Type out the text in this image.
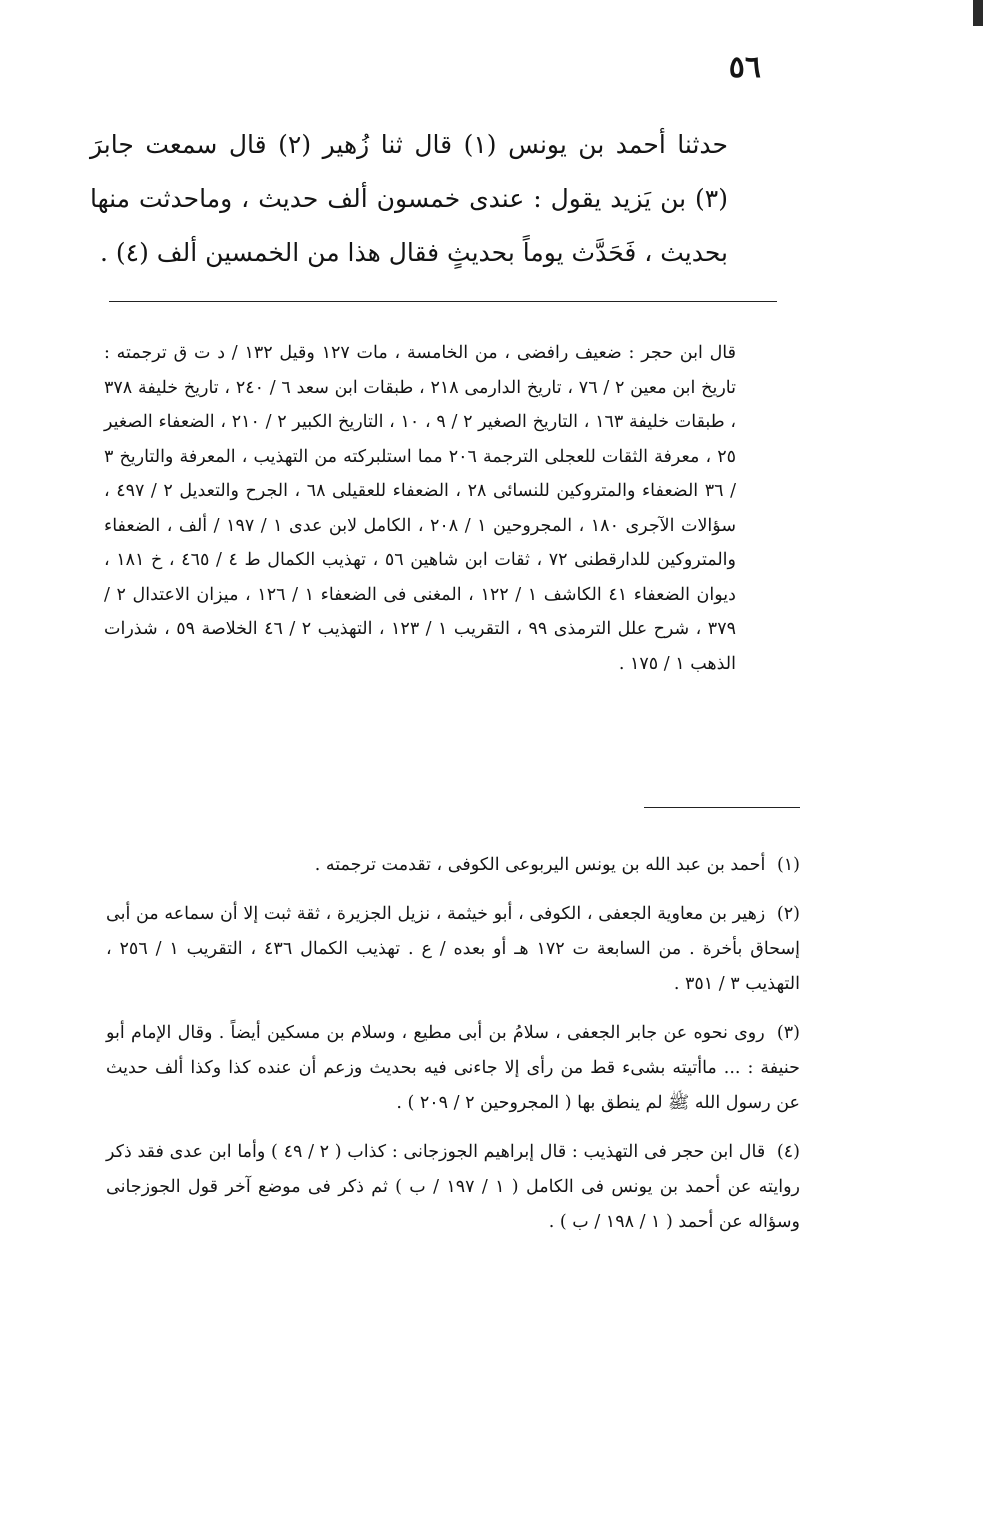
٥٦

حدثنا أحمد بن يونس (١) قال ثنا زُهير (٢) قال سمعت جابرَ (٣) بن يَزيد يقول : عندى خمسون ألف حديث ، وماحدثت منها بحديث ، فَحَدَّث يوماً بحديثٍ فقال هذا من الخمسين ألف (٤) .

قال ابن حجر : ضعيف رافضى ، من الخامسة ، مات ١٢٧ وقيل ١٣٢ / د ت ق ترجمته : تاريخ ابن معين ٢ / ٧٦ ، تاريخ الدارمى ٢١٨ ، طبقات ابن سعد ٦ / ٢٤٠ ، تاريخ خليفة ٣٧٨ ، طبقات خليفة ١٦٣ ، التاريخ الصغير ٢ / ٩ ، ١٠ ، التاريخ الكبير ٢ / ٢١٠ ، الضعفاء الصغير ٢٥ ، معرفة الثقات للعجلى الترجمة ٢٠٦ مما استلبركته من التهذيب ، المعرفة والتاريخ ٣ / ٣٦ الضعفاء والمتروكين للنسائى ٢٨ ، الضعفاء للعقيلى ٦٨ ، الجرح والتعديل ٢ / ٤٩٧ ، سؤالات الآجرى ١٨٠ ، المجروحين ١ / ٢٠٨ ، الكامل لابن عدى ١ / ١٩٧ / ألف ، الضعفاء والمتروكين للدارقطنى ٧٢ ، ثقات ابن شاهين ٥٦ ، تهذيب الكمال ط ٤ / ٤٦٥ ، خ ١٨١ ، ديوان الضعفاء ٤١ الكاشف ١ / ١٢٢ ، المغنى فى الضعفاء ١ / ١٢٦ ، ميزان الاعتدال ٢ / ٣٧٩ ، شرح علل الترمذى ٩٩ ، التقريب ١ / ١٢٣ ، التهذيب ٢ / ٤٦ الخلاصة ٥٩ ، شذرات الذهب ١ / ١٧٥ .

(١) أحمد بن عبد الله بن يونس اليربوعى الكوفى ، تقدمت ترجمته .

(٢) زهير بن معاوية الجعفى ، الكوفى ، أبو خيثمة ، نزيل الجزيرة ، ثقة ثبت إلا أن سماعه من أبى إسحاق بأخرة . من السابعة ت ١٧٢ هـ أو بعده / ع . تهذيب الكمال ٤٣٦ ، التقريب ١ / ٢٥٦ ، التهذيب ٣ / ٣٥١ .

(٣) روى نحوه عن جابر الجعفى ، سلامُ بن أبى مطيع ، وسلام بن مسكين أيضاً . وقال الإمام أبو حنيفة : ... ماأتيته بشىء قط من رأى إلا جاءنى فيه بحديث وزعم أن عنده كذا وكذا ألف حديث عن رسول الله ﷺ لم ينطق بها ( المجروحين ٢ / ٢٠٩ ) .

(٤) قال ابن حجر فى التهذيب : قال إبراهيم الجوزجانى : كذاب ( ٢ / ٤٩ ) وأما ابن عدى فقد ذكر روايته عن أحمد بن يونس فى الكامل ( ١ / ١٩٧ / ب ) ثم ذكر فى موضع آخر قول الجوزجانى وسؤاله عن أحمد ( ١ / ١٩٨ / ب ) .
